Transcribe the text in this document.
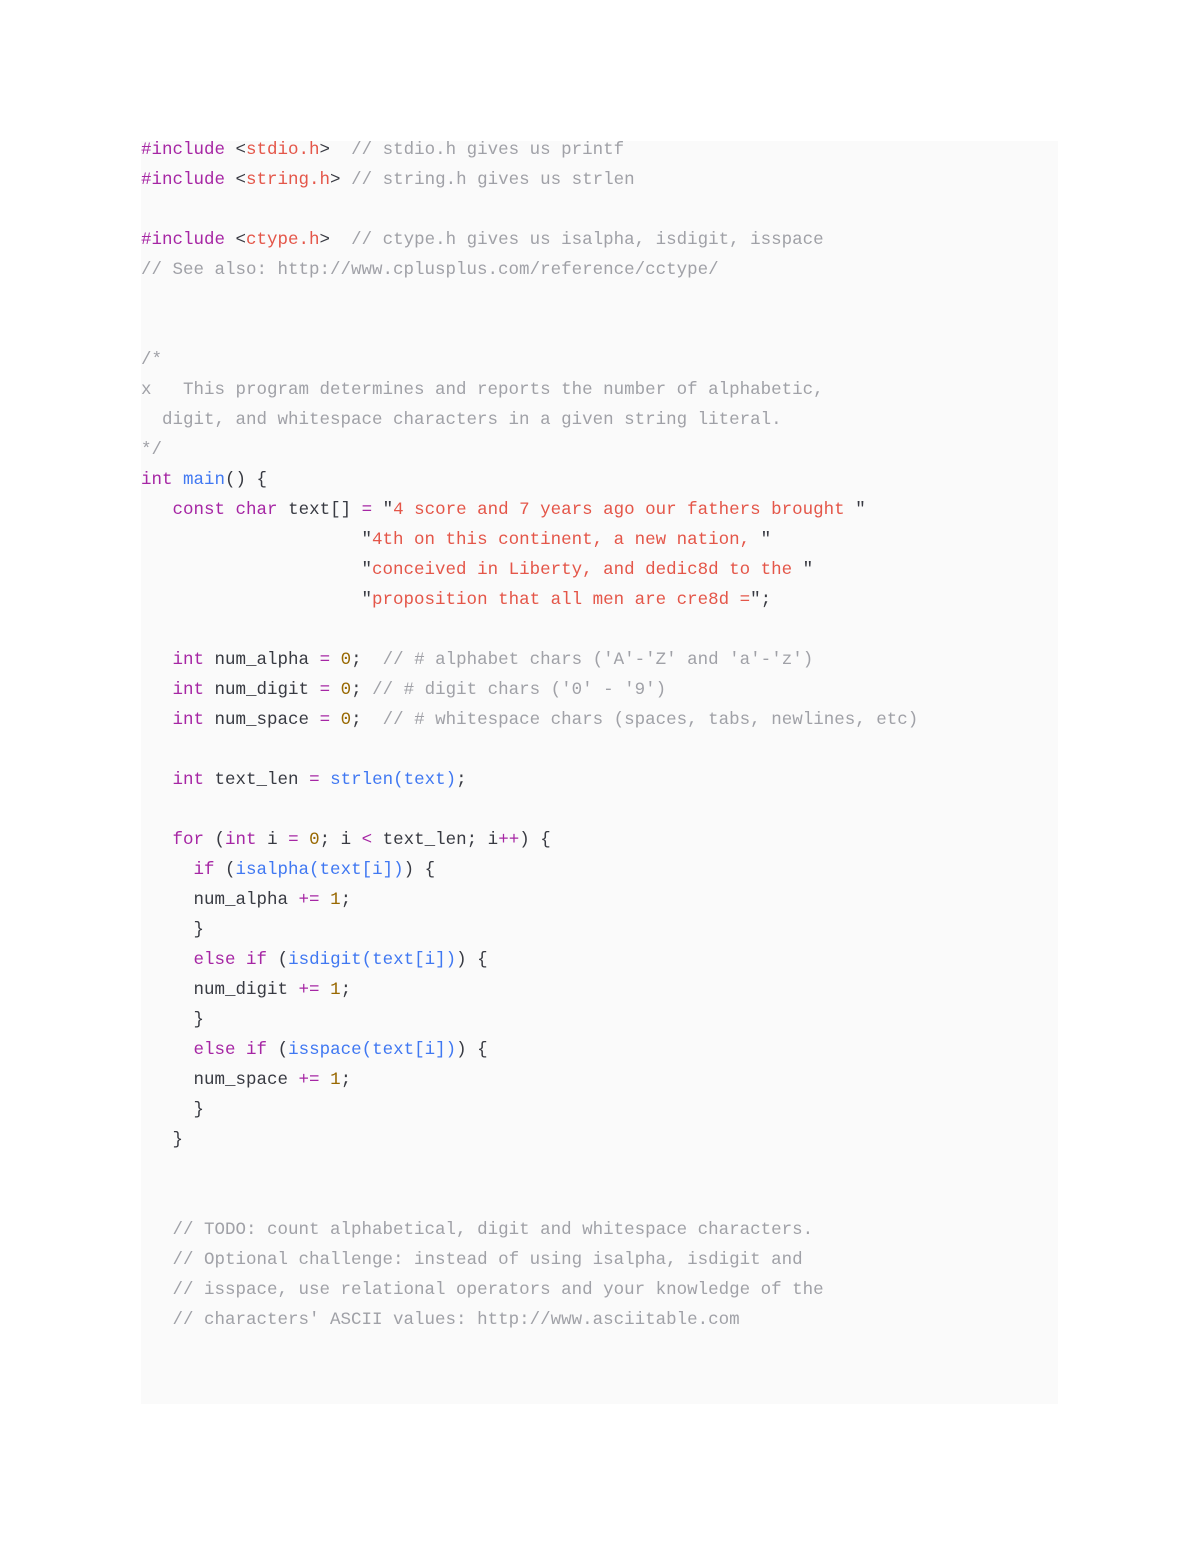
#include <stdio.h>  // stdio.h gives us printf
#include <string.h> // string.h gives us strlen
#include <ctype.h>  // ctype.h gives us isalpha, isdigit, isspace
// See also: http://www.cplusplus.com/reference/cctype/
/*
x   This program determines and reports the number of alphabetic,
digit, and whitespace characters in a given string literal.
*/
int main() {
const char text[] = "4 score and 7 years ago our fathers brought "
"4th on this continent, a new nation, "
"conceived in Liberty, and dedic8d to the "
"proposition that all men are cre8d =";
int num_alpha = 0;  // # alphabet chars ('A'-'Z' and 'a'-'z')
int num_digit = 0; // # digit chars ('0' - '9')
int num_space = 0;  // # whitespace chars (spaces, tabs, newlines, etc)
int text_len = strlen(text);
for (int i = 0; i < text_len; i++) {
if (isalpha(text[i])) {
num_alpha += 1;
}
else if (isdigit(text[i])) {
num_digit += 1;
}
else if (isspace(text[i])) {
num_space += 1;
}
}
// TODO: count alphabetical, digit and whitespace characters.
// Optional challenge: instead of using isalpha, isdigit and
// isspace, use relational operators and your knowledge of the
// characters' ASCII values: http://www.asciitable.com
